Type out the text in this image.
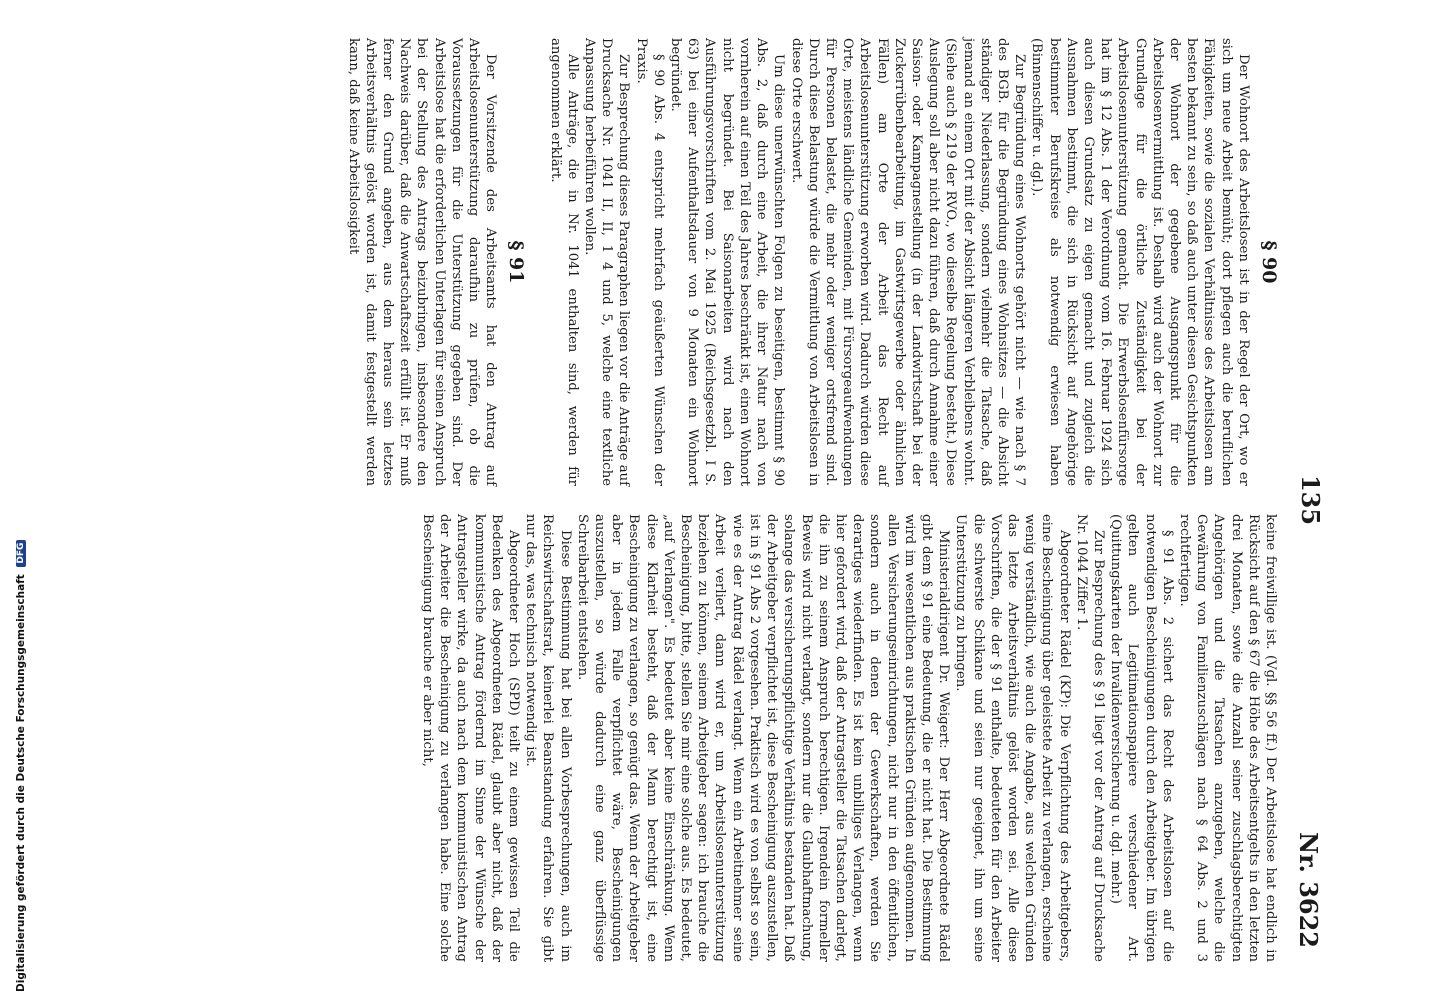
Digitalisierung gefördert durch die Deutsche Forschungsgemeinschaft DFG
135
Nr. 3622
§ 90

Der Wohnort des Arbeitslosen ist in der Regel der Ort, wo er sich um neue Arbeit bemüht; dort pflegen auch die beruflichen Fähigkeiten, sowie die sozialen Verhältnisse des Arbeitslosen am besten bekannt zu sein, so daß auch unter diesen Gesichtspunkten der Wohnort der gegebene Ausgangspunkt für die Arbeitslosenvermittlung ist. Deshalb wird auch der Wohnort zur Grundlage für die örtliche Zuständigkeit bei der Arbeitslosenunterstützung gemacht. Die Erwerbslosenfürsorge hat im § 12 Abs. 1 der Verordnung vom 16. Februar 1924 sich auch diesen Grundsatz zu eigen gemacht und zugleich die Ausnahmen bestimmt, die sich in Rücksicht auf Angehörige bestimmter Berufskreise als notwendig erwiesen haben (Binnenschiffer u. dgl.).

Zur Begründung eines Wohnorts gehört nicht — wie nach § 7 des BGB. für die Begründung eines Wohnsitzes — die Absicht ständiger Niederlassung, sondern vielmehr die Tatsache, daß jemand an einem Ort mit der Absicht längeren Verbleibens wohnt. (Siehe auch § 219 der RVO., wo dieselbe Regelung besteht.) Diese Auslegung soll aber nicht dazu führen, daß durch Annahme einer Saison- oder Kampagnestellung (in der Landwirtschaft bei der Zuckerrübenbearbeitung, im Gastwirtsgewerbe oder ähnlichen Fällen) am Orte der Arbeit das Recht auf Arbeitslosenunterstützung erworben wird. Dadurch würden diese Orte, meistens ländliche Gemeinden, mit Fürsorgeaufwendungen für Personen belastet, die mehr oder weniger ortsfremd sind. Durch diese Belastung würde die Vermittlung von Arbeitslosen in diese Orte erschwert.

Um diese unerwünschten Folgen zu beseitigen, bestimmt § 90 Abs. 2, daß durch eine Arbeit, die ihrer Natur nach von vornherein auf einen Teil des Jahres beschränkt ist, einen Wohnort nicht begründet. Bei Saisonarbeiten wird nach den Ausführungsvorschriften vom 2. Mai 1925 (Reichsgesetzbl. I S. 63) bei einer Aufenthaltsdauer von 9 Monaten ein Wohnort begründet.

§ 90 Abs. 4 entspricht mehrfach geäußerten Wünschen der Praxis.

Zur Besprechung dieses Paragraphen liegen vor die Anträge auf Drucksache Nr. 1041 II, II, 1 4 und 5, welche eine textliche Anpassung herbeiführen wollen.

Alle Anträge, die in Nr. 1041 enthalten sind, werden für angenommen erklärt.

§ 91

Der Vorsitzende des Arbeitsamts hat den Antrag auf Arbeitslosenunterstützung daraufhin zu prüfen, ob die Voraussetzungen für die Unterstützung gegeben sind. Der Arbeitslose hat die erforderlichen Unterlagen für seinen Anspruch bei der Stellung des Antrags beizubringen, insbesondere den Nachweis darüber, daß die Anwartschaftszeit erfüllt ist. Er muß ferner den Grund angeben, aus dem heraus sein letztes Arbeitsverhältnis gelöst worden ist, damit festgestellt werden kann, daß keine Arbeitslosigkeit

keine freiwillige ist. (Vgl. §§ 56 ff.) Der Arbeitslose hat endlich in Rücksicht auf den § 67 die Höhe des Arbeitsentgelts in den letzten drei Monaten, sowie die Anzahl seiner zuschlagsberechtigten Angehörigen und die Tatsachen anzugeben, welche die Gewährung von Familienzuschlägen nach § 64 Abs. 2 und 3 rechtfertigen.

§ 91 Abs. 2 sichert das Recht des Arbeitslosen auf die notwendigen Bescheinigungen durch den Arbeitgeber. Im übrigen gelten auch Legitimationspapiere verschiedener Art. (Quittungskarten der Invalidenversicherung u. dgl. mehr.)

Zur Besprechung des § 91 liegt vor der Antrag auf Drucksache Nr. 1044 Ziffer 1.

Abgeordneter Rädel (KP): Die Verpflichtung des Arbeitgebers, eine Bescheinigung über geleistete Arbeit zu verlangen, erscheine wenig verständlich, wie auch die Angabe, aus welchen Gründen das letzte Arbeitsverhältnis gelöst worden sei. Alle diese Vorschriften, die der § 91 enthalte, bedeuteten für den Arbeiter die schwerste Schikane und seien nur geeignet, ihn um seine Unterstützung zu bringen.

Ministerialdirigent Dr. Weigert: Der Herr Abgeordnete Rädel gibt dem § 91 eine Bedeutung, die er nicht hat. Die Bestimmung wird im wesentlichen aus praktischen Gründen aufgenommen. In allen Versicherungseinrichtungen, nicht nur in den öffentlichen, sondern auch in denen der Gewerkschaften, werden Sie derartiges wiederfinden. Es ist kein unbilliges Verlangen, wenn hier gefordert wird, daß der Antragsteller die Tatsachen darlegt, die ihn zu seinem Anspruch berechtigen. Irgendein formeller Beweis wird nicht verlangt, sondern nur die Glaubhaftmachung, solange das versicherungspflichtige Verhältnis bestanden hat. Daß der Arbeitgeber verpflichtet ist, diese Bescheinigung auszustellen, ist in § 91 Abs 2 vorgesehen. Praktisch wird es von selbst so sein, wie es der Antrag Rädel verlangt. Wenn ein Arbeitnehmer seine Arbeit verliert, dann wird er, um Arbeitslosenunterstützung beziehen zu können, seinem Arbeitgeber sagen: ich brauche die Bescheinigung, bitte, stellen Sie mir eine solche aus. Es bedeutet, „auf Verlangen". Es bedeutet aber keine Einschränkung. Wenn diese Klarheit besteht, daß der Mann berechtigt ist, eine Bescheinigung zu verlangen, so genügt das. Wenn der Arbeitgeber aber in jedem Falle verpflichtet wäre, Bescheinigungen auszustellen, so würde dadurch eine ganz überflüssige Schreibarbeit entstehen.

Diese Bestimmung hat bei allen Vorbesprechungen, auch im Reichswirtschaftsrat, keinerlei Beanstandung erfahren. Sie gibt nur das, was technisch notwendig ist.

Abgeordneter Hoch (SPD) teilt zu einem gewissen Teil die Bedenken des Abgeordneten Rädel, glaubt aber nicht, daß der kommunistische Antrag fördernd im Sinne der Wünsche der Antragsteller wirke, da auch nach dem kommunistischen Antrag der Arbeiter die Bescheinigung zu verlangen habe. Eine solche Bescheinigung brauche er aber nicht,
